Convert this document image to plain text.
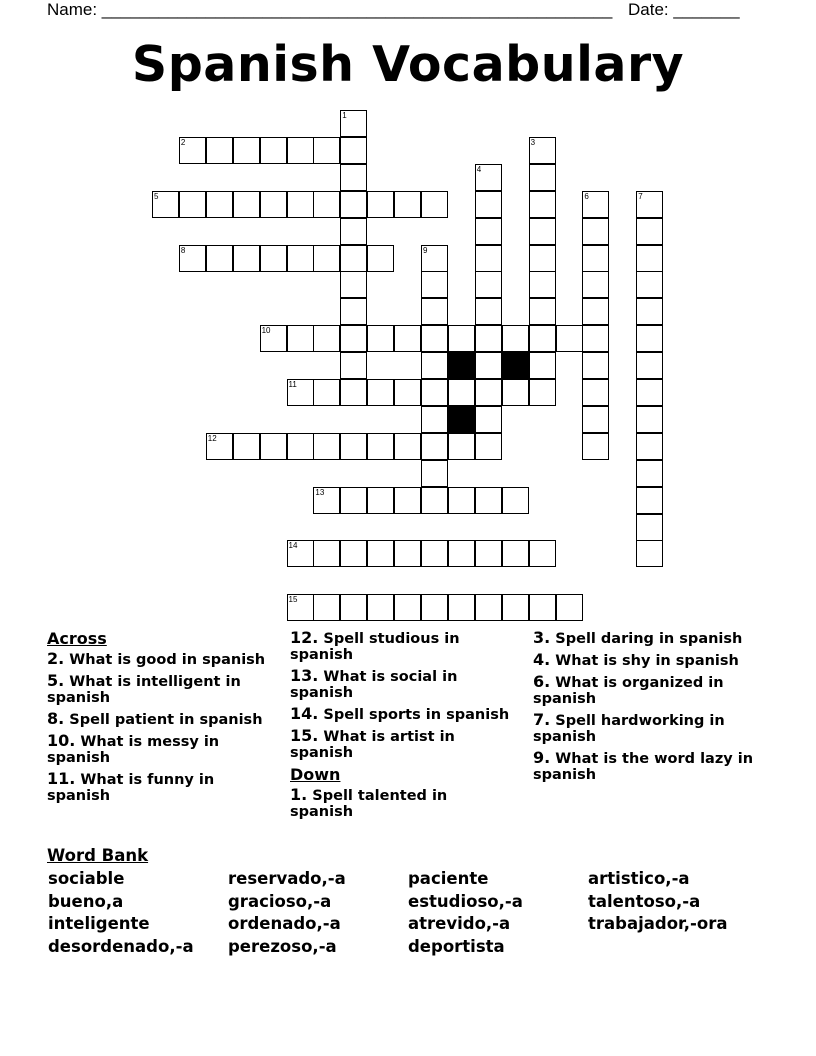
Name: ______________________________________________________ Date: _______
Spanish Vocabulary
2
5
8
10
11
12
13
14
15
1
3
4
6	7
9
Across
2. What is good in spanish
5. What is intelligent in spanish
8. Spell patient in spanish
10. What is messy in spanish
11. What is funny in spanish
12. Spell studious in spanish
13. What is social in spanish
14. Spell sports in spanish
15. What is artist in spanish
Down
1. Spell talented in spanish
3. Spell daring in spanish
4. What is shy in spanish
6. What is organized in spanish
7. Spell hardworking in spanish
9. What is the word lazy in spanish
Word Bank
sociable
bueno,a
inteligente
desordenado,-a
reservado,-a
gracioso,-a
ordenado,-a
perezoso,-a
paciente
estudioso,-a
atrevido,-a
deportista
artistico,-a
talentoso,-a
trabajador,-ora
